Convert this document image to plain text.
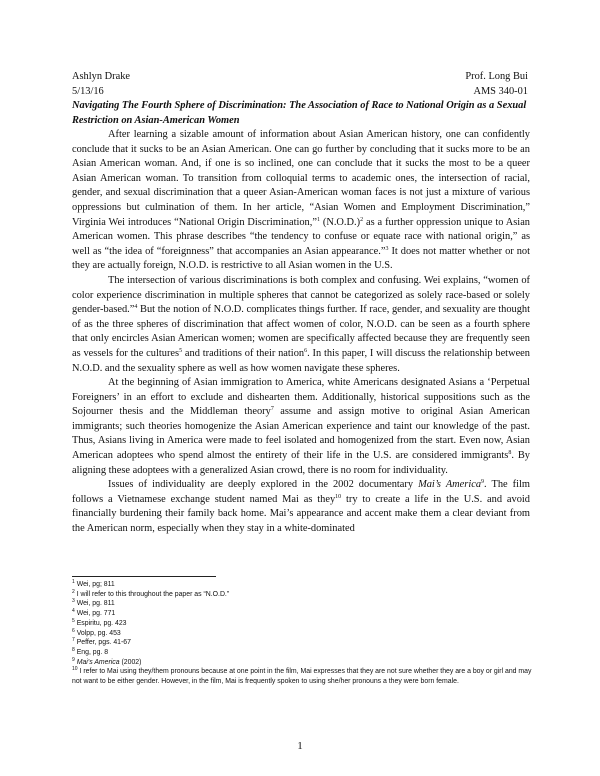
Ashlyn Drake	Prof. Long Bui
5/13/16	AMS 340-01
Navigating The Fourth Sphere of Discrimination: The Association of Race to National Origin as a Sexual Restriction on Asian-American Women

After learning a sizable amount of information about Asian American history, one can confidently conclude that it sucks to be an Asian American. One can go further by concluding that it sucks more to be an Asian American woman. And, if one is so inclined, one can conclude that it sucks the most to be a queer Asian American woman. To transition from colloquial terms to academic ones, the intersection of racial, gender, and sexual discrimination that a queer Asian-American woman faces is not just a mixture of various oppressions but culmination of them. In her article, “Asian Women and Employment Discrimination,” Virginia Wei introduces “National Origin Discrimination,”$^1$ $(N.O.D.)^2$ as a further oppression unique to Asian American women. This phrase describes “the tendency to confuse or equate race with national origin,” as well as “the idea of “foreignness” that accompanies an Asian appearance.”$^3$ It does not matter whether or not they are actually foreign, N.O.D. is restrictive to all Asian women in the U.S.

The intersection of various discriminations is both complex and confusing. Wei explains, “women of color experience discrimination in multiple spheres that cannot be categorized as solely race-based or solely gender-based.”$^4$ But the notion of N.O.D. complicates things further. If race, gender, and sexuality are thought of as the three spheres of discrimination that affect women of color, N.O.D. can be seen as a fourth sphere that only encircles Asian American women; women are specifically affected because they are frequently seen as vessels for the cultures$^5$ and traditions of their nation$^6$. In this paper, I will discuss the relationship between N.O.D. and the sexuality sphere as well as how women navigate these spheres.

At the beginning of Asian immigration to America, white Americans designated Asians a ‘Perpetual Foreigners’ in an effort to exclude and dishearten them. Additionally, historical suppositions such as the Sojourner thesis and the Middleman theory$^7$ assume and assign motive to original Asian American immigrants; such theories homogenize the Asian American experience and taint our knowledge of the past. Thus, Asians living in America were made to feel isolated and homogenized from the start. Even now, Asian American adoptees who spend almost the entirety of their life in the U.S. are considered immigrants$^8$. By aligning these adoptees with a generalized Asian crowd, there is no room for individuality.

Issues of individuality are deeply explored in the 2002 documentary Mai’s America$^9$. The film follows a Vietnamese exchange student named Mai as they$^{10}$ try to create a life in the U.S. and avoid financially burdening their family back home. Mai’s appearance and accent make them a clear deviant from the American norm, especially when they stay in a white-dominated

$^1$ Wei, pg; 811
$^2$ I will refer to this throughout the paper as “N.O.D.”
$^3$ Wei, pg. 811
$^4$ Wei, pg. 771
$^5$ Espiritu, pg. 423
$^6$ Volpp, pg. 453
$^7$ Peffer, pgs. 41-67
$^8$ Eng, pg. 8
$^9$ Mai’s America (2002)
$^{10}$ I refer to Mai using they/them pronouns because at one point in the film, Mai expresses that they are not sure whether they are a boy or girl and may not want to be either gender. However, in the film, Mai is frequently spoken to using she/her pronouns a they were born female.
1
